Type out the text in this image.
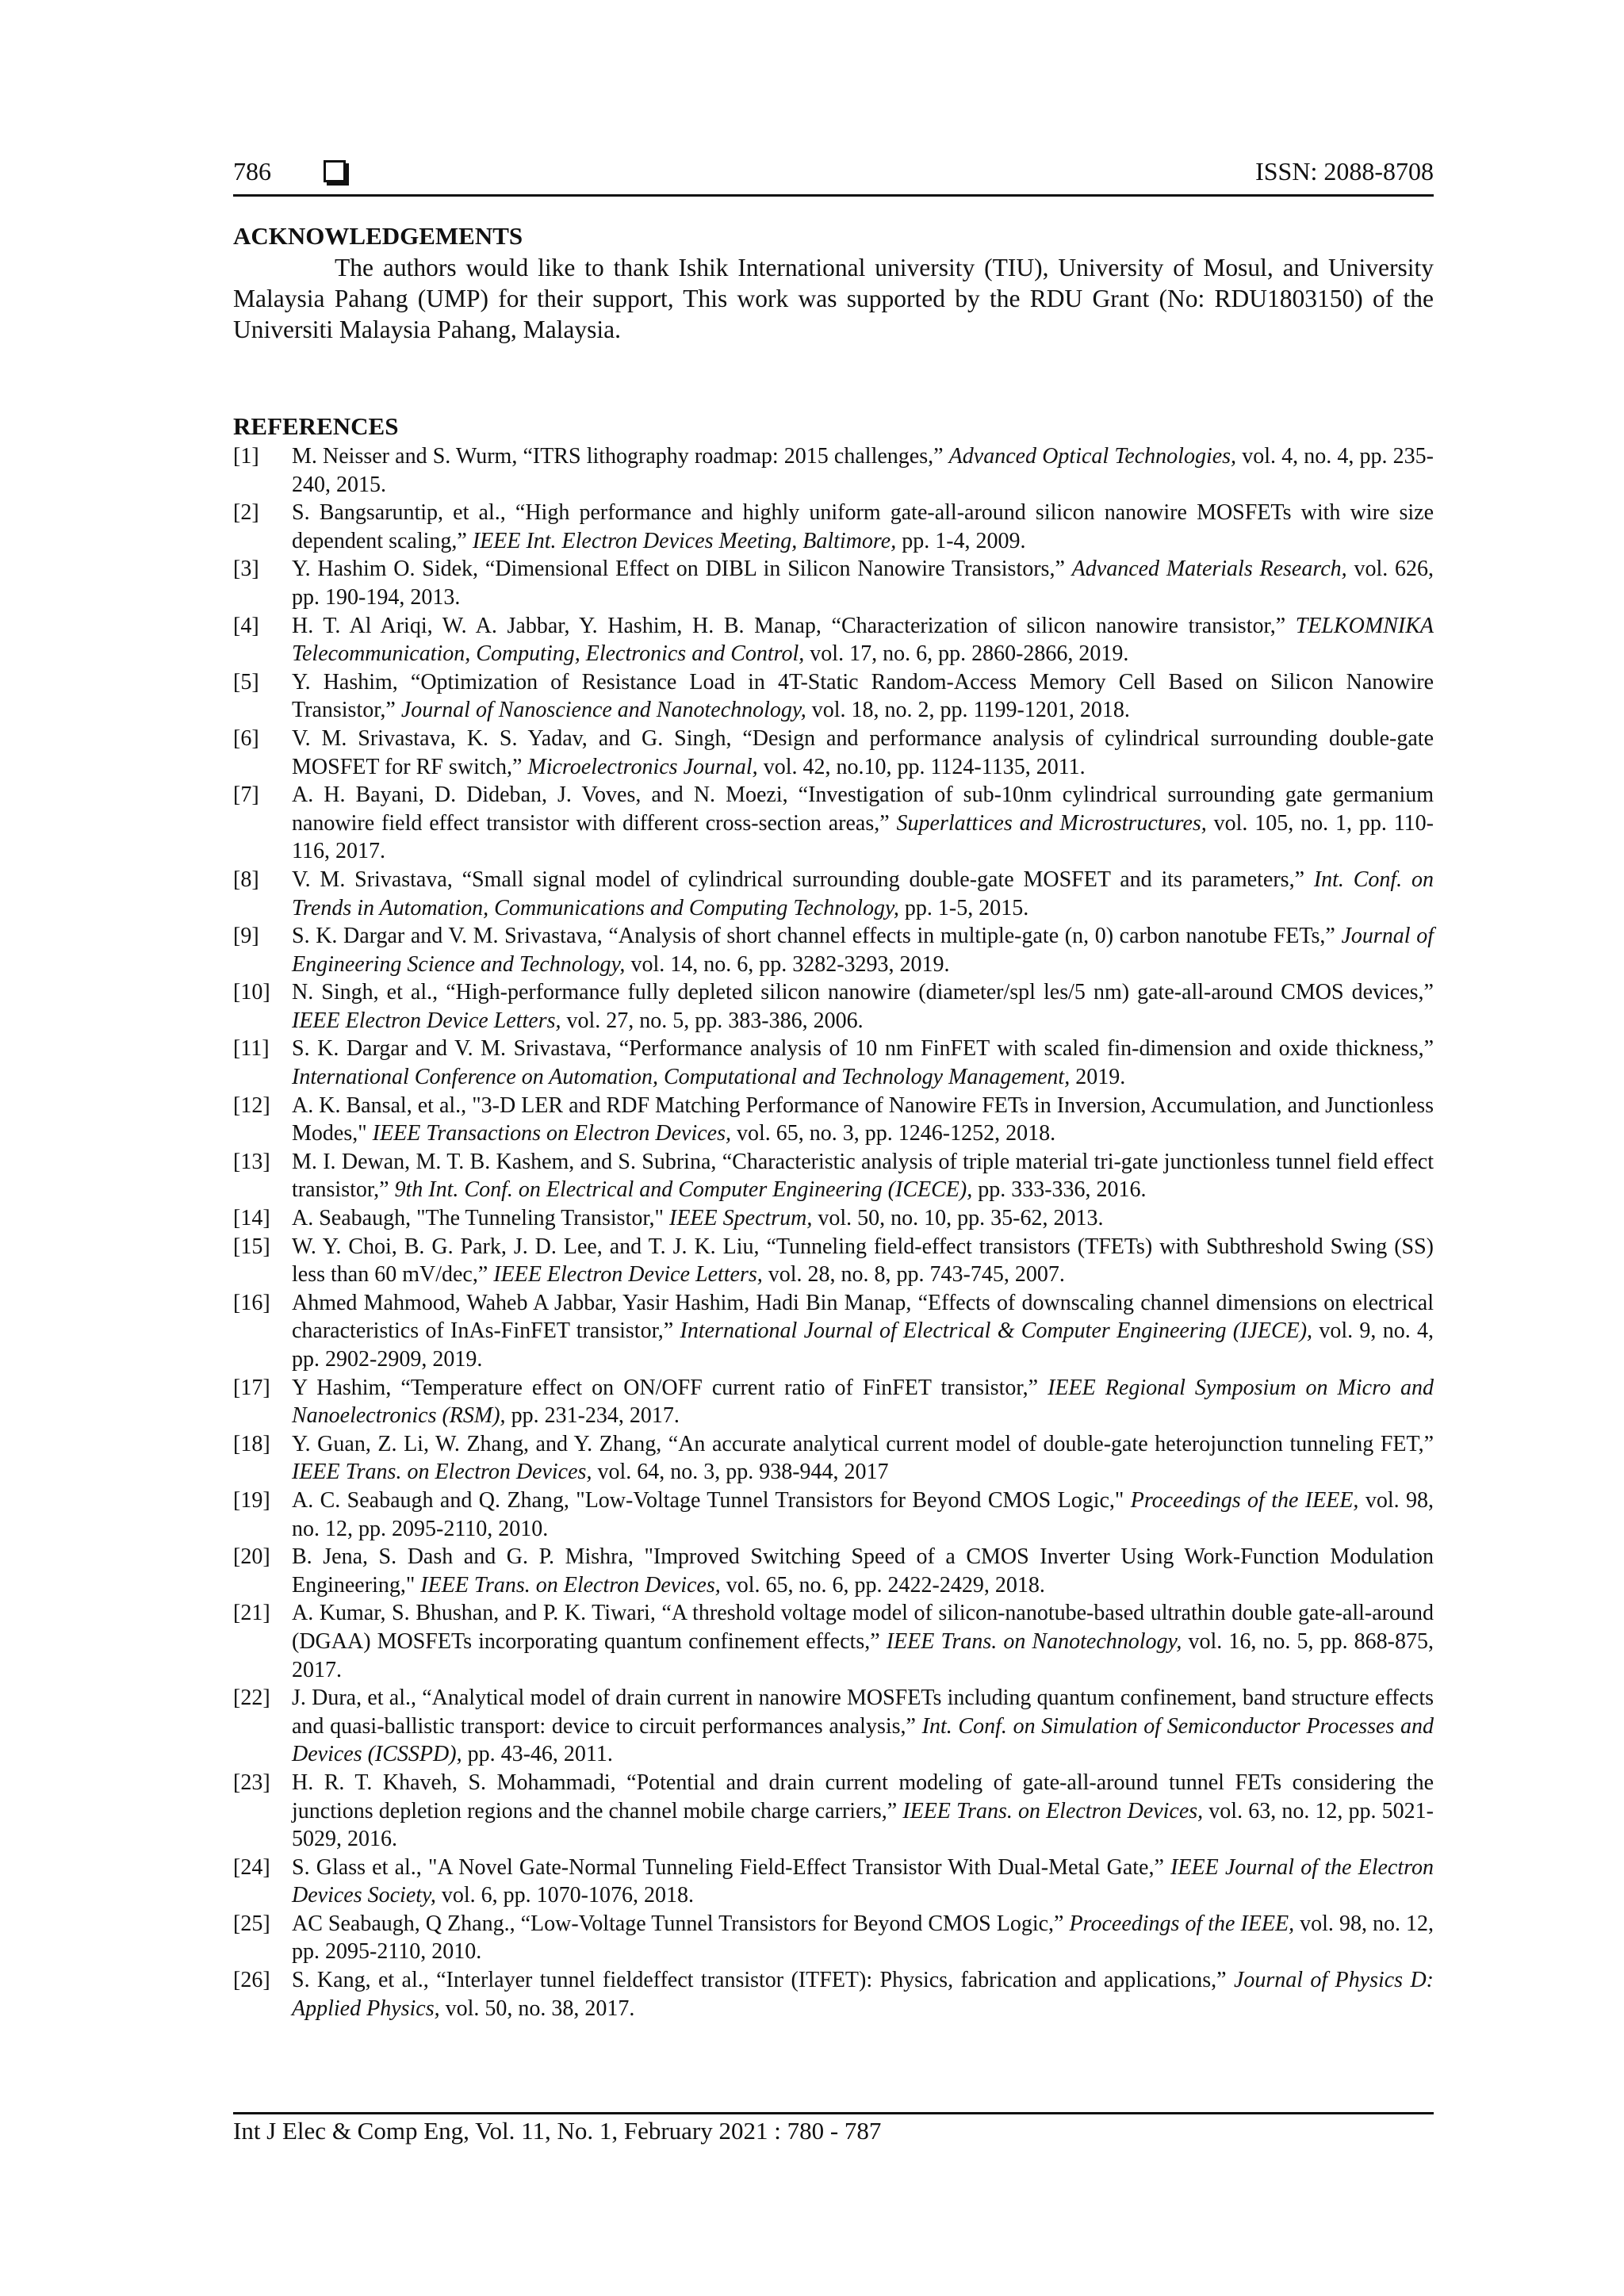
786	ISSN: 2088-8708
ACKNOWLEDGEMENTS

The authors would like to thank Ishik International university (TIU), University of Mosul, and University Malaysia Pahang (UMP) for their support, This work was supported by the RDU Grant (No: RDU1803150) of the Universiti Malaysia Pahang, Malaysia.

REFERENCES
[1] M. Neisser and S. Wurm, “ITRS lithography roadmap: 2015 challenges,” Advanced Optical Technologies, vol. 4, no. 4, pp. 235-240, 2015.
[2] S. Bangsaruntip, et al., “High performance and highly uniform gate-all-around silicon nanowire MOSFETs with wire size dependent scaling,” IEEE Int. Electron Devices Meeting, Baltimore, pp. 1-4, 2009.
[3] Y. Hashim O. Sidek, “Dimensional Effect on DIBL in Silicon Nanowire Transistors,” Advanced Materials Research, vol. 626, pp. 190-194, 2013.
[4] H. T. Al Ariqi, W. A. Jabbar, Y. Hashim, H. B. Manap, “Characterization of silicon nanowire transistor,” TELKOMNIKA Telecommunication, Computing, Electronics and Control, vol. 17, no. 6, pp. 2860-2866, 2019.
[5] Y. Hashim, “Optimization of Resistance Load in 4T-Static Random-Access Memory Cell Based on Silicon Nanowire Transistor,” Journal of Nanoscience and Nanotechnology, vol. 18, no. 2, pp. 1199-1201, 2018.
[6] V. M. Srivastava, K. S. Yadav, and G. Singh, “Design and performance analysis of cylindrical surrounding double-gate MOSFET for RF switch,” Microelectronics Journal, vol. 42, no.10, pp. 1124-1135, 2011.
[7] A. H. Bayani, D. Dideban, J. Voves, and N. Moezi, “Investigation of sub-10nm cylindrical surrounding gate germanium nanowire field effect transistor with different cross-section areas,” Superlattices and Microstructures, vol. 105, no. 1, pp. 110-116, 2017.
[8] V. M. Srivastava, “Small signal model of cylindrical surrounding double-gate MOSFET and its parameters,” Int. Conf. on Trends in Automation, Communications and Computing Technology, pp. 1-5, 2015.
[9] S. K. Dargar and V. M. Srivastava, “Analysis of short channel effects in multiple-gate (n, 0) carbon nanotube FETs,” Journal of Engineering Science and Technology, vol. 14, no. 6, pp. 3282-3293, 2019.
[10] N. Singh, et al., “High-performance fully depleted silicon nanowire (diameter/spl les/5 nm) gate-all-around CMOS devices,” IEEE Electron Device Letters, vol. 27, no. 5, pp. 383-386, 2006.
[11] S. K. Dargar and V. M. Srivastava, “Performance analysis of 10 nm FinFET with scaled fin-dimension and oxide thickness,” International Conference on Automation, Computational and Technology Management, 2019.
[12] A. K. Bansal, et al., "3-D LER and RDF Matching Performance of Nanowire FETs in Inversion, Accumulation, and Junctionless Modes," IEEE Transactions on Electron Devices, vol. 65, no. 3, pp. 1246-1252, 2018.
[13] M. I. Dewan, M. T. B. Kashem, and S. Subrina, “Characteristic analysis of triple material tri-gate junctionless tunnel field effect transistor,” 9th Int. Conf. on Electrical and Computer Engineering (ICECE), pp. 333-336, 2016.
[14] A. Seabaugh, "The Tunneling Transistor," IEEE Spectrum, vol. 50, no. 10, pp. 35-62, 2013.
[15] W. Y. Choi, B. G. Park, J. D. Lee, and T. J. K. Liu, “Tunneling field-effect transistors (TFETs) with Subthreshold Swing (SS) less than 60 mV/dec,” IEEE Electron Device Letters, vol. 28, no. 8, pp. 743-745, 2007.
[16] Ahmed Mahmood, Waheb A Jabbar, Yasir Hashim, Hadi Bin Manap, “Effects of downscaling channel dimensions on electrical characteristics of InAs-FinFET transistor,” International Journal of Electrical & Computer Engineering (IJECE), vol. 9, no. 4, pp. 2902-2909, 2019.
[17] Y Hashim, “Temperature effect on ON/OFF current ratio of FinFET transistor,” IEEE Regional Symposium on Micro and Nanoelectronics (RSM), pp. 231-234, 2017.
[18] Y. Guan, Z. Li, W. Zhang, and Y. Zhang, “An accurate analytical current model of double-gate heterojunction tunneling FET,” IEEE Trans. on Electron Devices, vol. 64, no. 3, pp. 938-944, 2017
[19] A. C. Seabaugh and Q. Zhang, "Low-Voltage Tunnel Transistors for Beyond CMOS Logic," Proceedings of the IEEE, vol. 98, no. 12, pp. 2095-2110, 2010.
[20] B. Jena, S. Dash and G. P. Mishra, "Improved Switching Speed of a CMOS Inverter Using Work-Function Modulation Engineering," IEEE Trans. on Electron Devices, vol. 65, no. 6, pp. 2422-2429, 2018.
[21] A. Kumar, S. Bhushan, and P. K. Tiwari, “A threshold voltage model of silicon-nanotube-based ultrathin double gate-all-around (DGAA) MOSFETs incorporating quantum confinement effects,” IEEE Trans. on Nanotechnology, vol. 16, no. 5, pp. 868-875, 2017.
[22] J. Dura, et al., “Analytical model of drain current in nanowire MOSFETs including quantum confinement, band structure effects and quasi-ballistic transport: device to circuit performances analysis,” Int. Conf. on Simulation of Semiconductor Processes and Devices (ICSSPD), pp. 43-46, 2011.
[23] H. R. T. Khaveh, S. Mohammadi, “Potential and drain current modeling of gate-all-around tunnel FETs considering the junctions depletion regions and the channel mobile charge carriers,” IEEE Trans. on Electron Devices, vol. 63, no. 12, pp. 5021-5029, 2016.
[24] S. Glass et al., "A Novel Gate-Normal Tunneling Field-Effect Transistor With Dual-Metal Gate,” IEEE Journal of the Electron Devices Society, vol. 6, pp. 1070-1076, 2018.
[25] AC Seabaugh, Q Zhang., “Low-Voltage Tunnel Transistors for Beyond CMOS Logic,” Proceedings of the IEEE, vol. 98, no. 12, pp. 2095-2110, 2010.
[26] S. Kang, et al., “Interlayer tunnel fieldeffect transistor (ITFET): Physics, fabrication and applications,” Journal of Physics D: Applied Physics, vol. 50, no. 38, 2017.
Int J Elec & Comp Eng, Vol. 11, No. 1, February 2021 : 780 - 787
